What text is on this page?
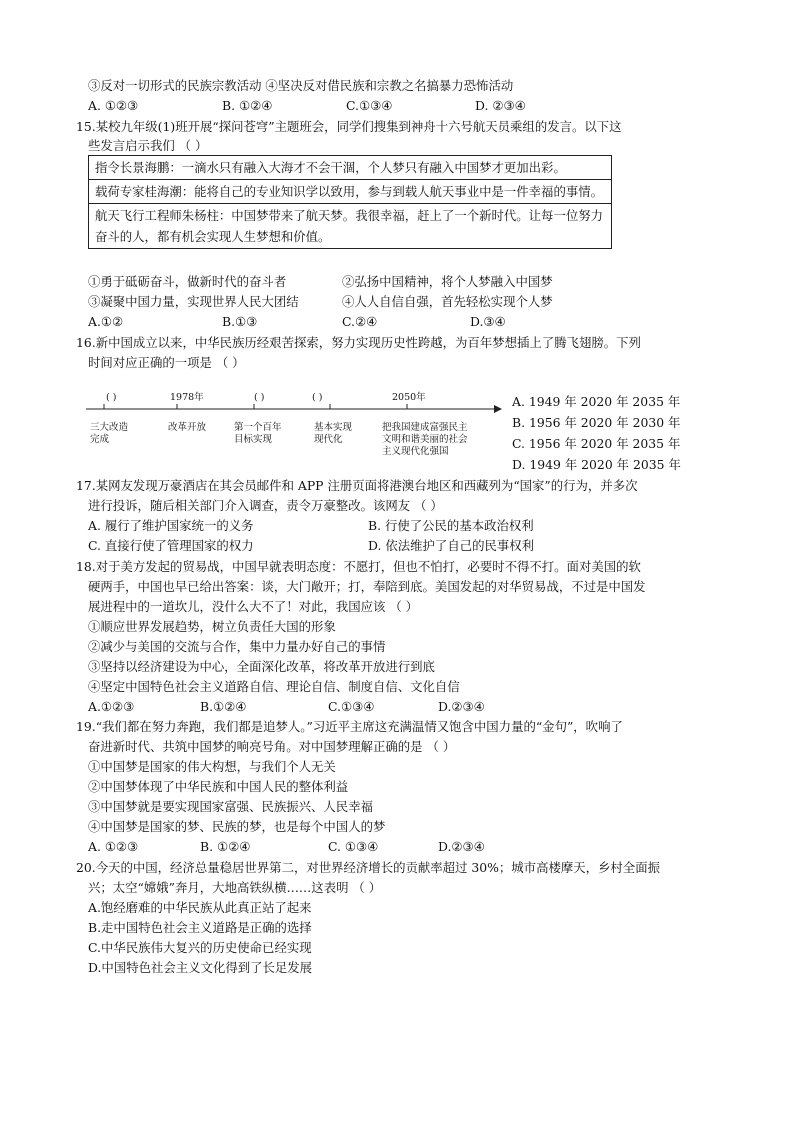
③反对一切形式的民族宗教活动 ④坚决反对借民族和宗教之名搞暴力恐怖活动
A. ①②③	B. ①②④	C.①③④	D. ②③④
15.某校九年级(1)班开展“探问苍穹”主题班会，同学们搜集到神舟十六号航天员乘组的发言。以下这
些发言启示我们 （ ）
指令长景海鹏：一滴水只有融入大海才不会干涸，个人梦只有融入中国梦才更加出彩。
载荷专家桂海潮：能将自己的专业知识学以致用，参与到载人航天事业中是一件幸福的事情。
航天飞行工程师朱杨柱：中国梦带来了航天梦。我很幸福，赶上了一个新时代。让每一位努力奋斗的人，都有机会实现人生梦想和价值。
①勇于砥砺奋斗，做新时代的奋斗者	②弘扬中国精神，将个人梦融入中国梦
③凝聚中国力量，实现世界人民大团结	④人人自信自强，首先轻松实现个人梦
A.①②	B.①③	C.②④	D.③④
16.新中国成立以来，中华民族历经艰苦探索，努力实现历史性跨越，为百年梦想插上了腾飞翅膀。下列
时间对应正确的一项是 （ ）
( )	1978年	( )	( )	2050年
三大改造
完成
改革开放	第一个百年
目标实现
基本实现
现代化
把我国建成富强民主
文明和谐美丽的社会
主义现代化强国
A. 1949 年 2020 年 2035 年
B. 1956 年 2020 年 2030 年
C. 1956 年 2020 年 2035 年
D. 1949 年 2020 年 2035 年
17.某网友发现万豪酒店在其会员邮件和 APP 注册页面将港澳台地区和西藏列为“国家”的行为，并多次
进行投诉，随后相关部门介入调查，责令万豪整改。该网友 （ ）
A. 履行了维护国家统一的义务	B. 行使了公民的基本政治权利
C. 直接行使了管理国家的权力	D. 依法维护了自己的民事权利
18.对于美方发起的贸易战，中国早就表明态度：不愿打，但也不怕打，必要时不得不打。面对美国的软
硬两手，中国也早已给出答案：谈，大门敞开；打，奉陪到底。美国发起的对华贸易战，不过是中国发
展进程中的一道坎儿，没什么大不了！对此，我国应该 （ ）
①顺应世界发展趋势，树立负责任大国的形象
②减少与美国的交流与合作，集中力量办好自己的事情
③坚持以经济建设为中心，全面深化改革，将改革开放进行到底
④坚定中国特色社会主义道路自信、理论自信、制度自信、文化自信
A.①②③	B.①②④	C.①③④	D.②③④
19.“我们都在努力奔跑，我们都是追梦人。”习近平主席这充满温情又饱含中国力量的“金句”，吹响了
奋进新时代、共筑中国梦的响亮号角。对中国梦理解正确的是 （ ）
①中国梦是国家的伟大构想，与我们个人无关
②中国梦体现了中华民族和中国人民的整体利益
③中国梦就是要实现国家富强、民族振兴、人民幸福
④中国梦是国家的梦、民族的梦，也是每个中国人的梦
A. ①②③	B. ①②④	C. ①③④	D.②③④
20.今天的中国，经济总量稳居世界第二，对世界经济增长的贡献率超过 30%；城市高楼摩天，乡村全面振
兴；太空“嫦娥”奔月，大地高铁纵横……这表明 （ ）
A.饱经磨难的中华民族从此真正站了起来
B.走中国特色社会主义道路是正确的选择
C.中华民族伟大复兴的历史使命已经实现
D.中国特色社会主义文化得到了长足发展
